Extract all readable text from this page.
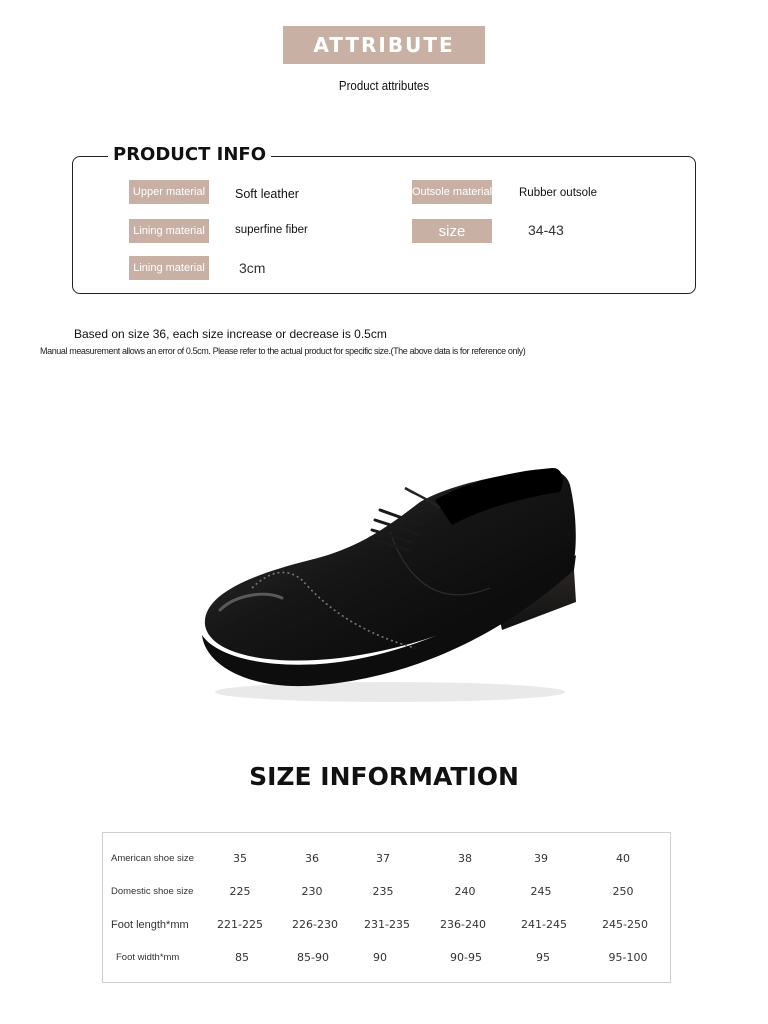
ATTRIBUTE
Product attributes
Upper material	Soft leather	Outsole material Rubber outsole
Lining material	superfine fiber	size	34-43
Lining material	3cm
PRODUCT INFO
Based on size 36, each size increase or decrease is 0.5cm
Manual measurement allows an error of 0.5cm. Please refer to the actual product for specific size.(The above data is for reference only)
SIZE INFORMATION
American shoe size	35	36	37	38	39	40
Domestic shoe size	225	230	235	240	245	250
Foot length*mm	221-225	226-230 231-235	236-240	241-245	245-250
Foot width*mm	85	85-90	90	90-95	95	95-100
